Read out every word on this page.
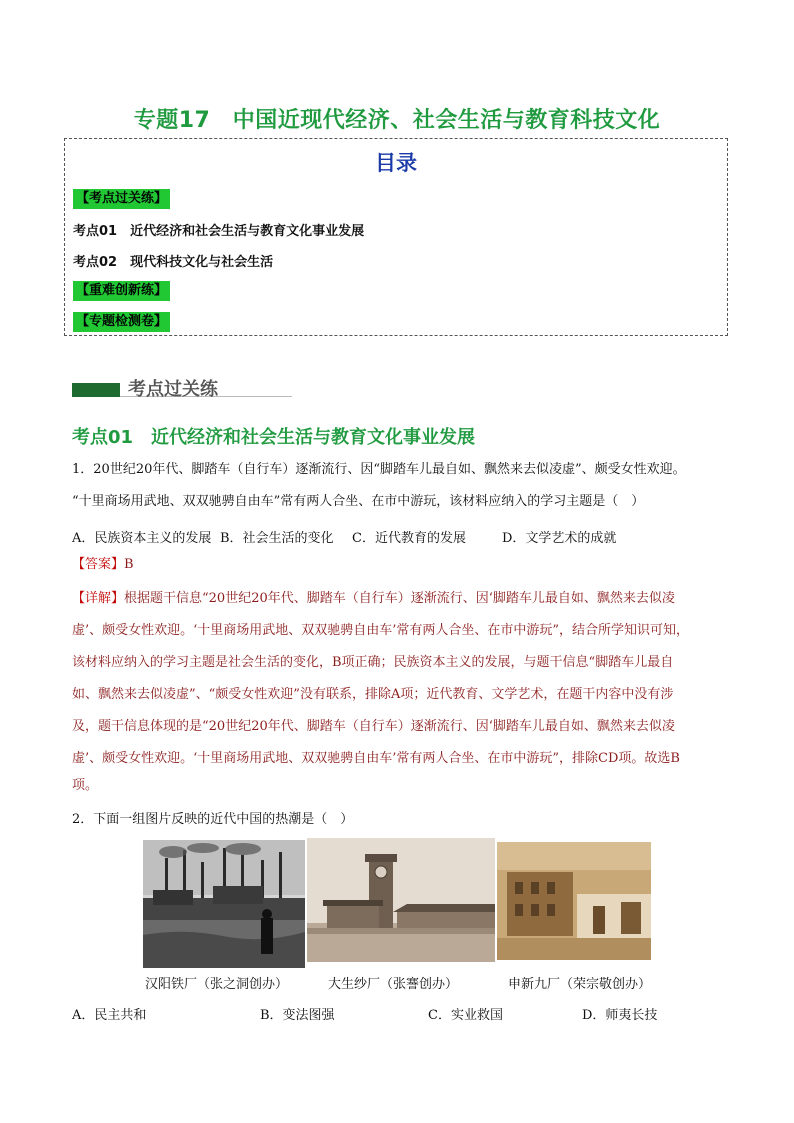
专题17　中国近现代经济、社会生活与教育科技文化
目录
【考点过关练】
考点01　近代经济和社会生活与教育文化事业发展
考点02　现代科技文化与社会生活
【重难创新练】
【专题检测卷】
考点过关练
考点01　近代经济和社会生活与教育文化事业发展
1．20世纪20年代、脚踏车（自行车）逐渐流行、因“脚踏车儿最自如、飘然来去似凌虚”、颇受女性欢迎。
“十里商场用武地、双双驰骋自由车”常有两人合坐、在市中游玩，该材料应纳入的学习主题是（　）
A．民族资本主义的发展 B．社会生活的变化 C．近代教育的发展	D．文学艺术的成就
【答案】B
【详解】根据题干信息“20世纪20年代、脚踏车（自行车）逐渐流行、因‘脚踏车儿最自如、飘然来去似凌
虚’、颇受女性欢迎。‘十里商场用武地、双双驰骋自由车’常有两人合坐、在市中游玩”，结合所学知识可知，
该材料应纳入的学习主题是社会生活的变化，B项正确；民族资本主义的发展，与题干信息“脚踏车儿最自
如、飘然来去似凌虚”、“颇受女性欢迎”没有联系，排除A项；近代教育、文学艺术，在题干内容中没有涉
及，题干信息体现的是“20世纪20年代、脚踏车（自行车）逐渐流行、因‘脚踏车儿最自如、飘然来去似凌
虚’、颇受女性欢迎。‘十里商场用武地、双双驰骋自由车’常有两人合坐、在市中游玩”，排除CD项。故选B
项。
2．下面一组图片反映的近代中国的热潮是（　）
汉阳铁厂（张之洞创办）	大生纱厂（张謇创办）	申新九厂（荣宗敬创办）
A．民主共和	B．变法图强	C．实业救国	D．师夷长技
